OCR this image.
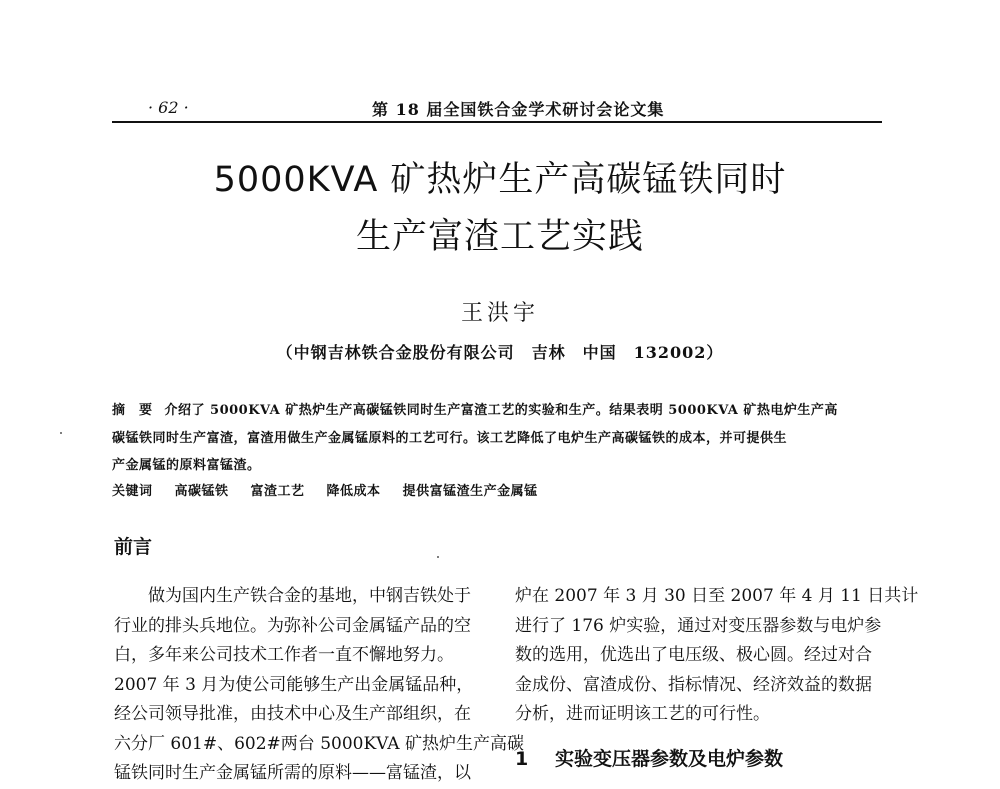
· 62 ·	第 18 届全国铁合金学术研讨会论文集
5000KVA 矿热炉生产高碳锰铁同时
生产富渣工艺实践
王洪宇
（中钢吉林铁合金股份有限公司　吉林　中国　132002）
摘　要 介绍了 5000KVA 矿热炉生产高碳锰铁同时生产富渣工艺的实验和生产。结果表明 5000KVA 矿热电炉生产高
碳锰铁同时生产富渣，富渣用做生产金属锰原料的工艺可行。该工艺降低了电炉生产高碳锰铁的成本，并可提供生
产金属锰的原料富锰渣。
关键词 高碳锰铁 富渣工艺 降低成本 提供富锰渣生产金属锰
前言
做为国内生产铁合金的基地，中钢吉铁处于
行业的排头兵地位。为弥补公司金属锰产品的空
白，多年来公司技术工作者一直不懈地努力。
2007 年 3 月为使公司能够生产出金属锰品种，
经公司领导批准，由技术中心及生产部组织，在
六分厂 601#、602#两台 5000KVA 矿热炉生产高碳
锰铁同时生产金属锰所需的原料——富锰渣，以
炉在 2007 年 3 月 30 日至 2007 年 4 月 11 日共计
进行了 176 炉实验，通过对变压器参数与电炉参
数的选用，优选出了电压级、极心圆。经过对合
金成份、富渣成份、指标情况、经济效益的数据
分析，进而证明该工艺的可行性。
1 实验变压器参数及电炉参数
